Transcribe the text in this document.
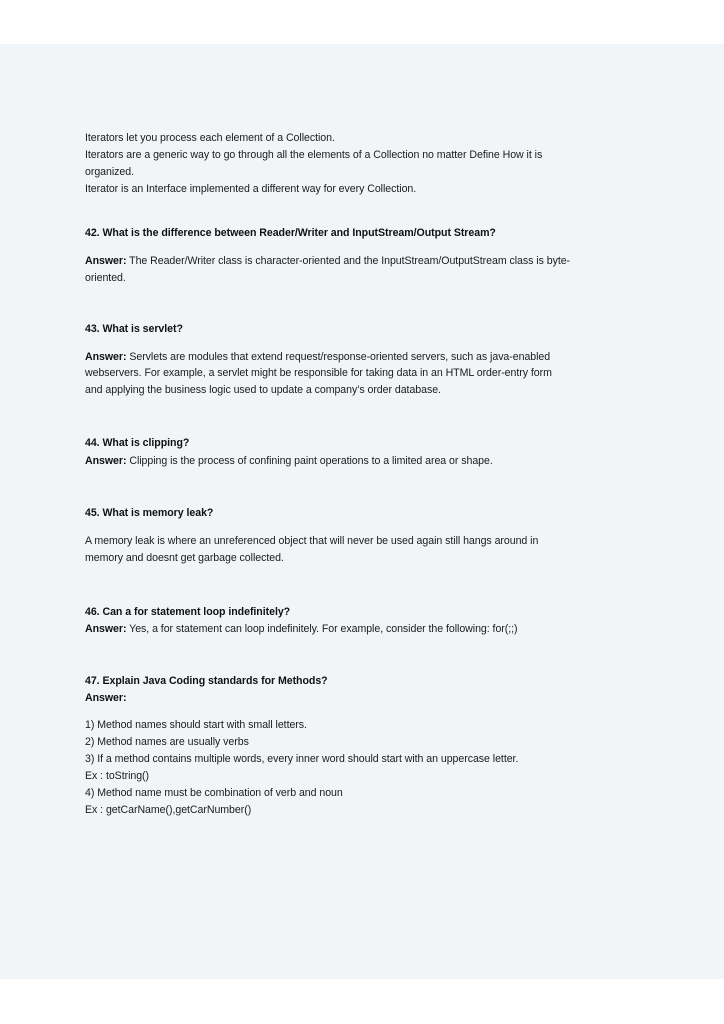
Iterators let you process each element of a Collection.
Iterators are a generic way to go through all the elements of a Collection no matter Define How it is
organized.
Iterator is an Interface implemented a different way for every Collection.
42. What is the difference between Reader/Writer and InputStream/Output Stream?
Answer: The Reader/Writer class is character-oriented and the InputStream/OutputStream class is byte-
oriented.
43. What is servlet?
Answer: Servlets are modules that extend request/response-oriented servers, such as java-enabled
webservers. For example, a servlet might be responsible for taking data in an HTML order-entry form
and applying the business logic used to update a company’s order database.
44. What is clipping?
Answer: Clipping is the process of confining paint operations to a limited area or shape.
45. What is memory leak?
A memory leak is where an unreferenced object that will never be used again still hangs around in
memory and doesnt get garbage collected.
46. Can a for statement loop indefinitely?
Answer: Yes, a for statement can loop indefinitely. For example, consider the following: for(;;)
47. Explain Java Coding standards for Methods?
Answer:
1) Method names should start with small letters.
2) Method names are usually verbs
3) If a method contains multiple words, every inner word should start with an uppercase letter.
Ex : toString()
4) Method name must be combination of verb and noun
Ex : getCarName(),getCarNumber()
